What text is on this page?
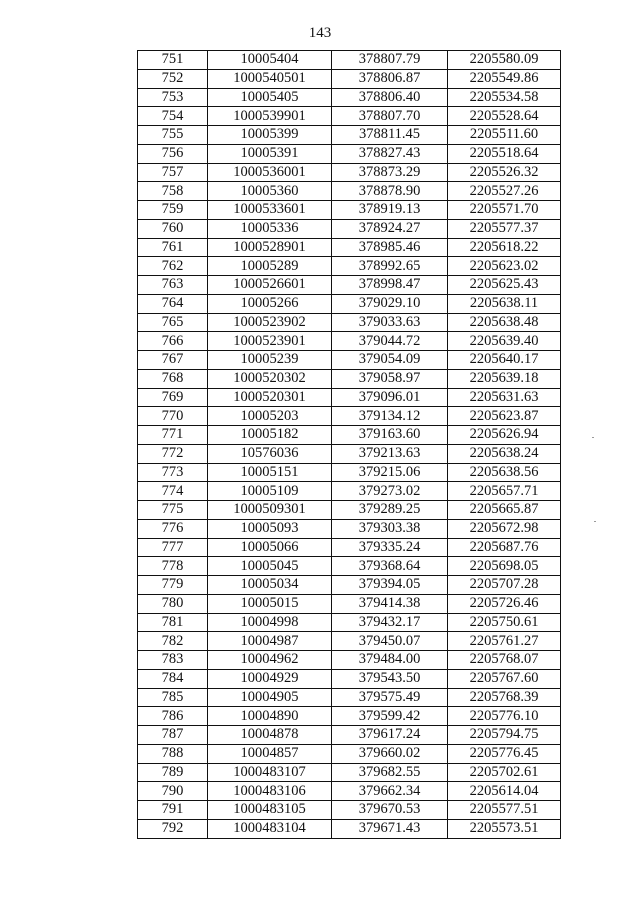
143
751	10005404	378807.79	2205580.09
752	1000540501	378806.87	2205549.86
753	10005405	378806.40	2205534.58
754	1000539901	378807.70	2205528.64
755	10005399	378811.45	2205511.60
756	10005391	378827.43	2205518.64
757	1000536001	378873.29	2205526.32
758	10005360	378878.90	2205527.26
759	1000533601	378919.13	2205571.70
760	10005336	378924.27	2205577.37
761	1000528901	378985.46	2205618.22
762	10005289	378992.65	2205623.02
763	1000526601	378998.47	2205625.43
764	10005266	379029.10	2205638.11
765	1000523902	379033.63	2205638.48
766	1000523901	379044.72	2205639.40
767	10005239	379054.09	2205640.17
768	1000520302	379058.97	2205639.18
769	1000520301	379096.01	2205631.63
770	10005203	379134.12	2205623.87
771	10005182	379163.60	2205626.94
772	10576036	379213.63	2205638.24
773	10005151	379215.06	2205638.56
774	10005109	379273.02	2205657.71
775	1000509301	379289.25	2205665.87
776	10005093	379303.38	2205672.98
777	10005066	379335.24	2205687.76
778	10005045	379368.64	2205698.05
779	10005034	379394.05	2205707.28
780	10005015	379414.38	2205726.46
781	10004998	379432.17	2205750.61
782	10004987	379450.07	2205761.27
783	10004962	379484.00	2205768.07
784	10004929	379543.50	2205767.60
785	10004905	379575.49	2205768.39
786	10004890	379599.42	2205776.10
787	10004878	379617.24	2205794.75
788	10004857	379660.02	2205776.45
789	1000483107	379682.55	2205702.61
790	1000483106	379662.34	2205614.04
791	1000483105	379670.53	2205577.51
792	1000483104	379671.43	2205573.51
